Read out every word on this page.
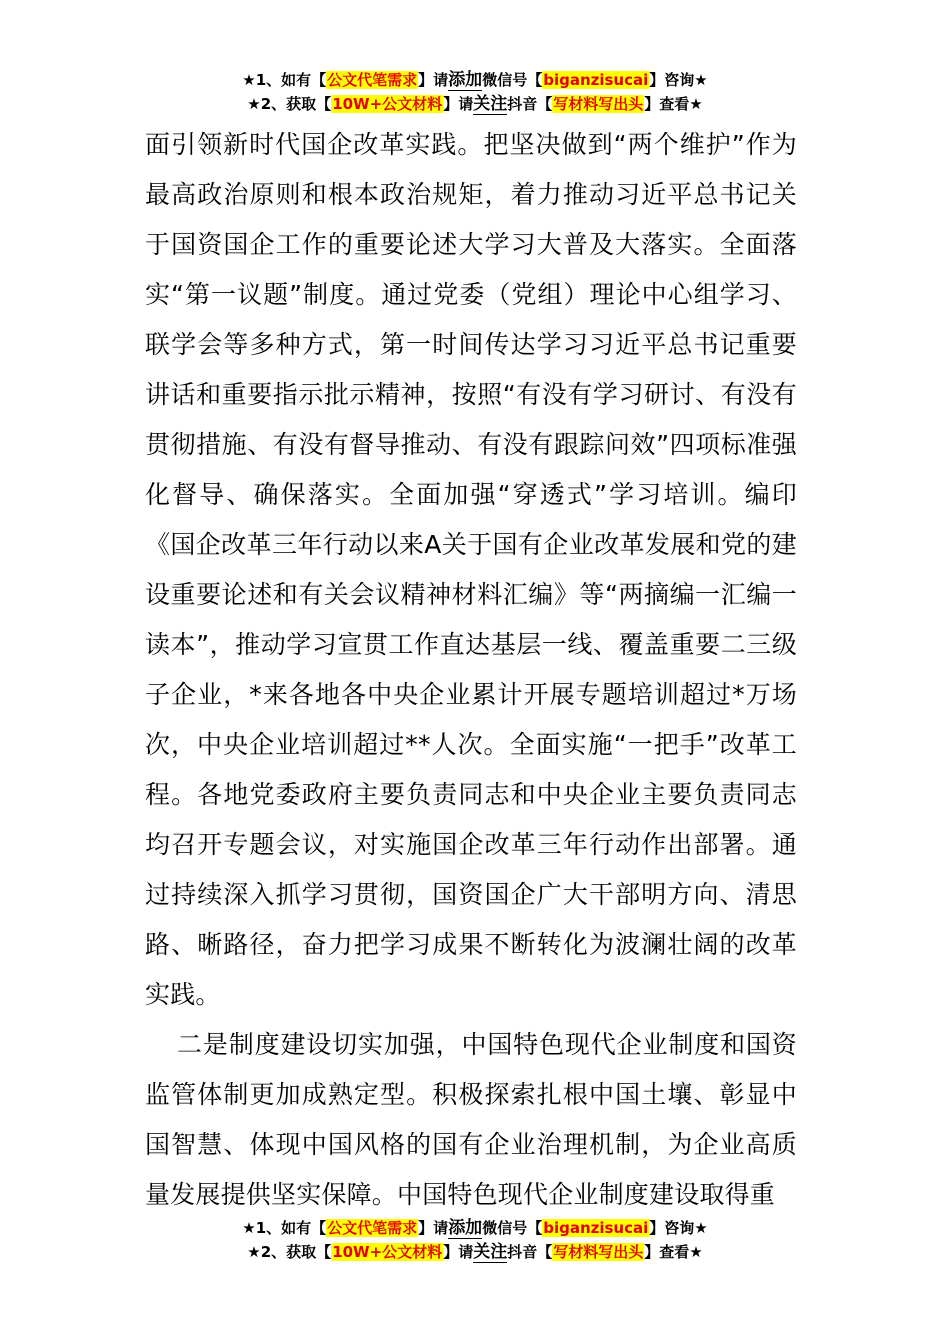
★1、如有【公文代笔需求】请添加微信号【biganzisucai】咨询★
★2、获取【10W+公文材料】请关注抖音【写材料写出头】查看★

面引领新时代国企改革实践。把坚决做到“两个维护”作为最高政治原则和根本政治规矩，着力推动习近平总书记关于国资国企工作的重要论述大学习大普及大落实。全面落实“第一议题”制度。通过党委（党组）理论中心组学习、联学会等多种方式，第一时间传达学习习近平总书记重要讲话和重要指示批示精神，按照“有没有学习研讨、有没有贯彻措施、有没有督导推动、有没有跟踪问效”四项标准强化督导、确保落实。全面加强“穿透式”学习培训。编印《国企改革三年行动以来A关于国有企业改革发展和党的建设重要论述和有关会议精神材料汇编》等“两摘编一汇编一读本”，推动学习宣贯工作直达基层一线、覆盖重要二三级子企业，*来各地各中央企业累计开展专题培训超过*万场次，中央企业培训超过**人次。全面实施“一把手”改革工程。各地党委政府主要负责同志和中央企业主要负责同志均召开专题会议，对实施国企改革三年行动作出部署。通过持续深入抓学习贯彻，国资国企广大干部明方向、清思路、晰路径，奋力把学习成果不断转化为波澜壮阔的改革实践。

二是制度建设切实加强，中国特色现代企业制度和国资监管体制更加成熟定型。积极探索扎根中国土壤、彰显中国智慧、体现中国风格的国有企业治理机制，为企业高质量发展提供坚实保障。中国特色现代企业制度建设取得重

★1、如有【公文代笔需求】请添加微信号【biganzisucai】咨询★
★2、获取【10W+公文材料】请关注抖音【写材料写出头】查看★
